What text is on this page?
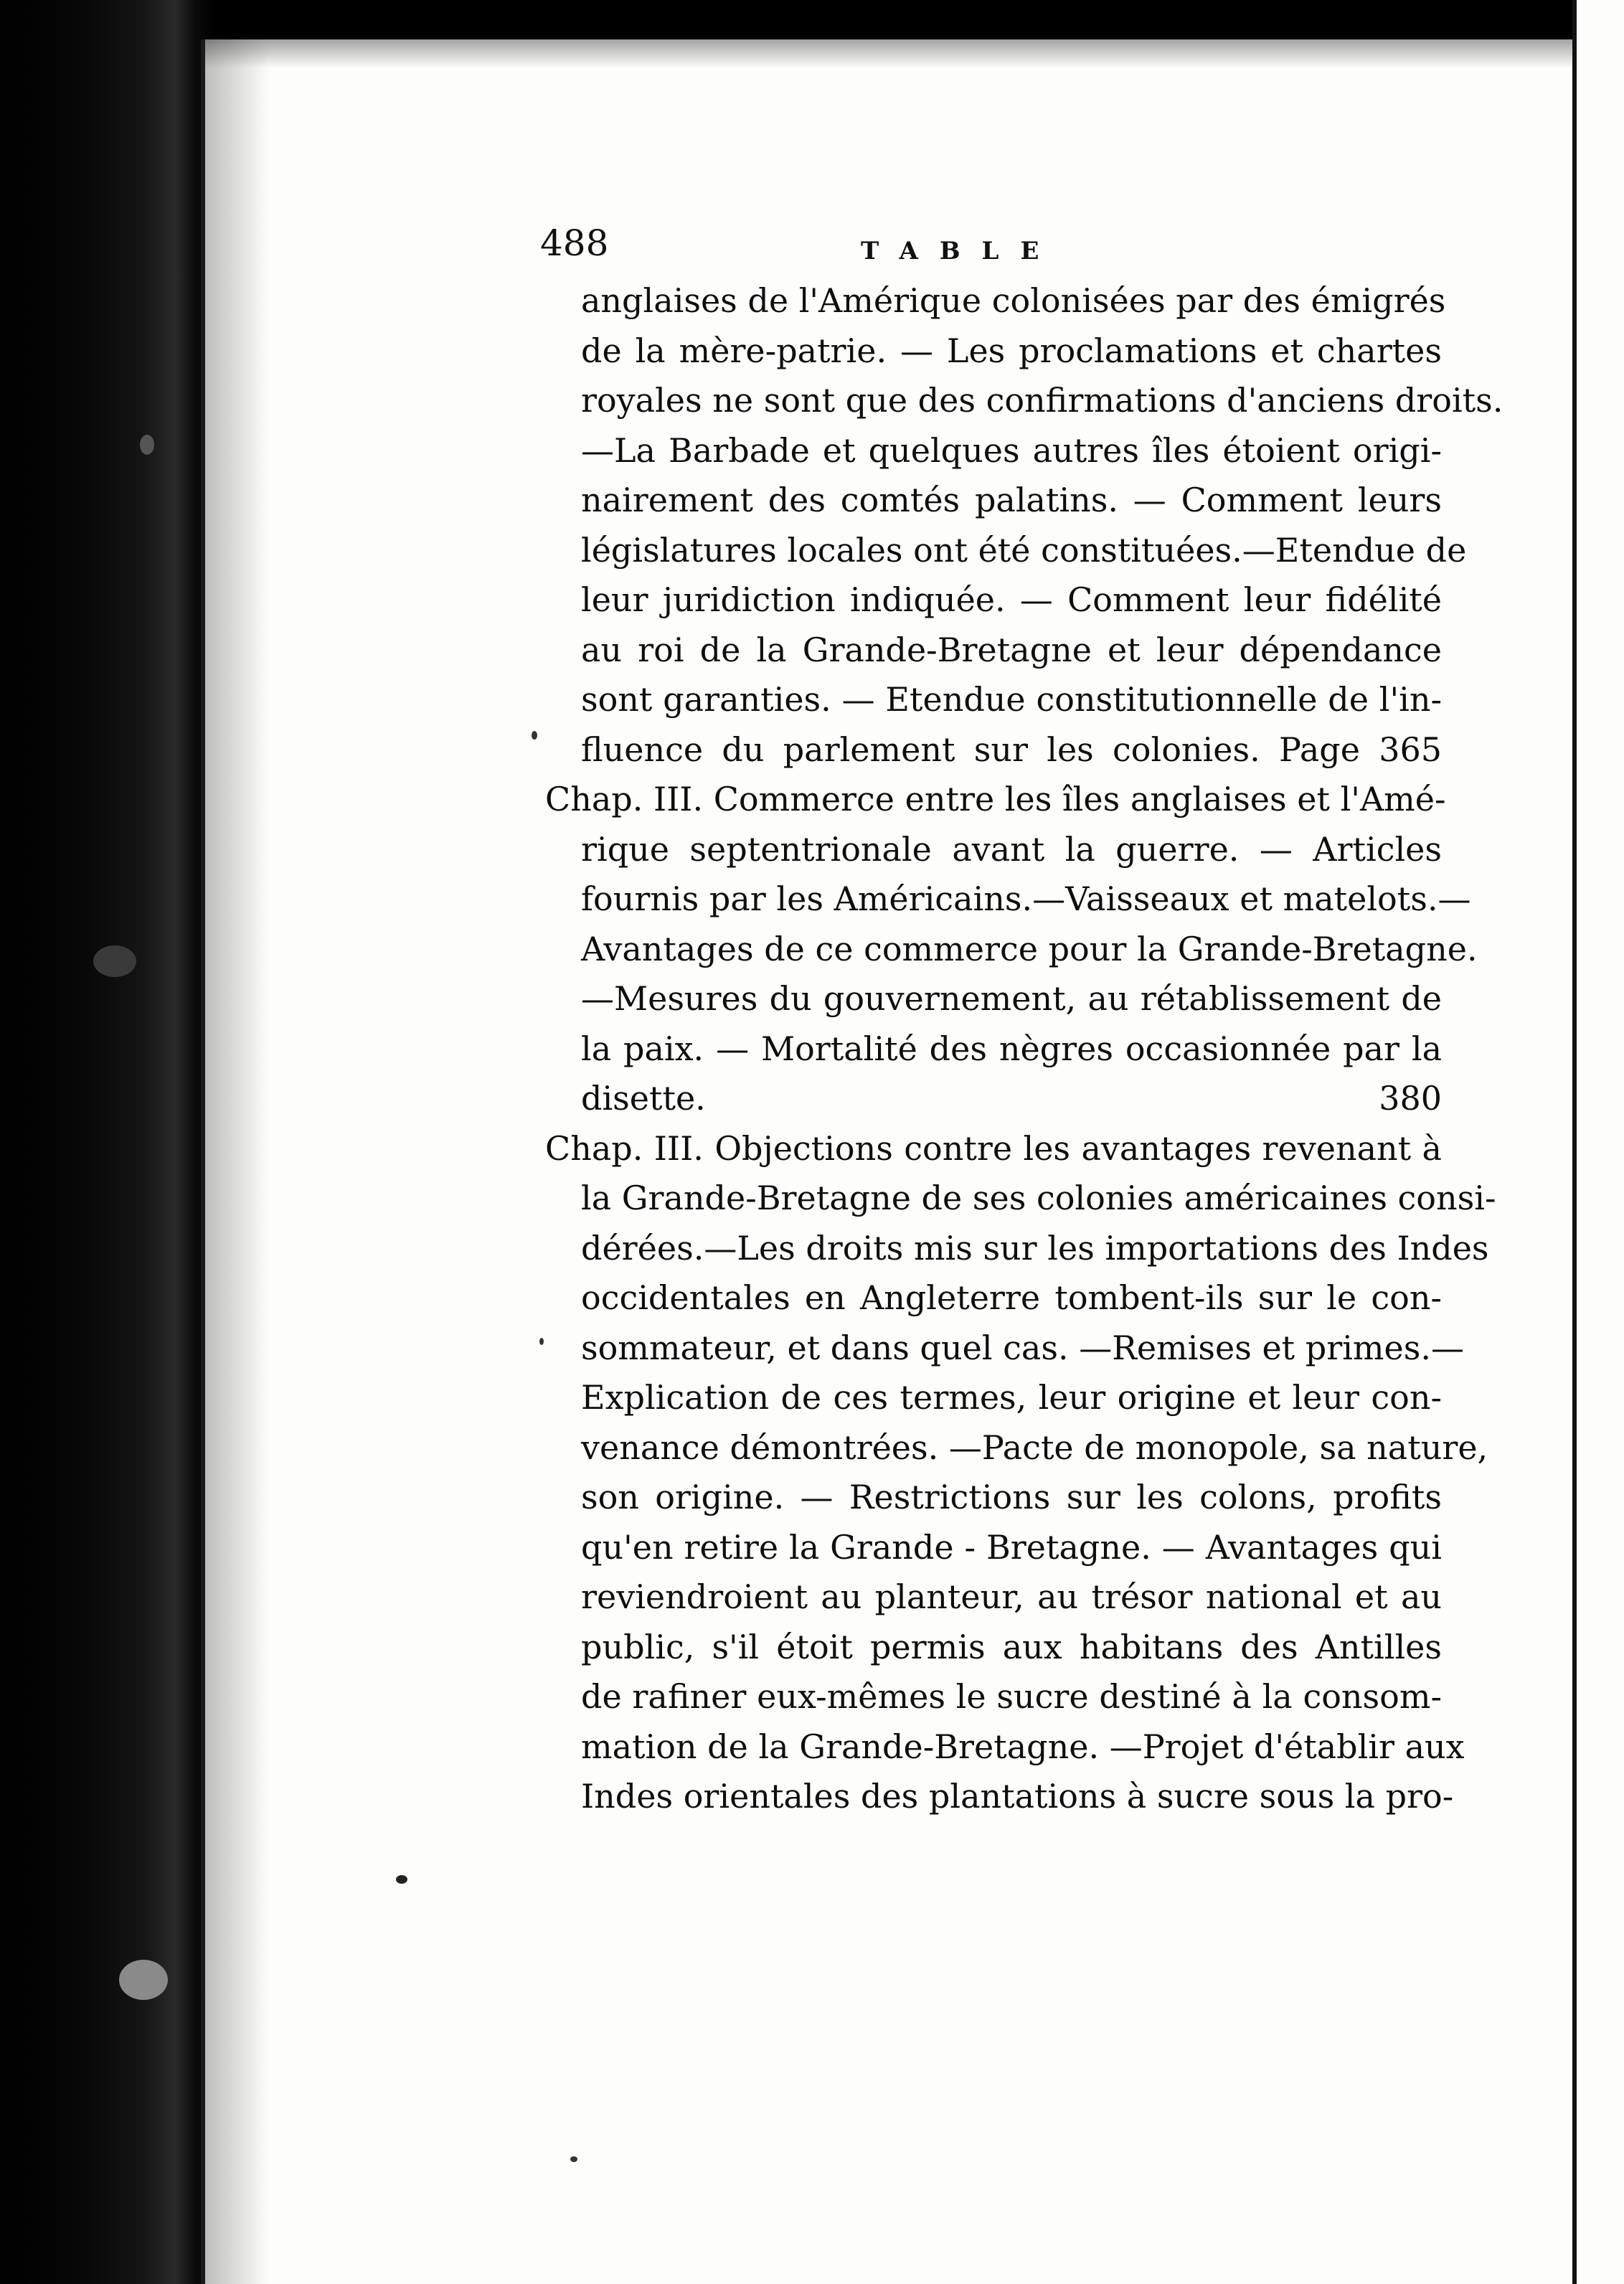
488	TABLE

anglaises de l'Amérique colonisées par des émigrés
de la mère-patrie. — Les proclamations et chartes
royales ne sont que des confirmations d'anciens droits.
—La Barbade et quelques autres îles étoient origi-
nairement des comtés palatins. — Comment leurs
législatures locales ont été constituées.—Etendue de
leur juridiction indiquée. — Comment leur fidélité
au roi de la Grande-Bretagne et leur dépendance
sont garanties. — Etendue constitutionnelle de l'in-
fluence du parlement sur les colonies. Page 365
Chap. III. Commerce entre les îles anglaises et l'Amé-
rique septentrionale avant la guerre. — Articles
fournis par les Américains.—Vaisseaux et matelots.—
Avantages de ce commerce pour la Grande-Bretagne.
—Mesures du gouvernement, au rétablissement de
la paix. — Mortalité des nègres occasionnée par la
disette. 380
Chap. III. Objections contre les avantages revenant à
la Grande-Bretagne de ses colonies américaines consi-
dérées.—Les droits mis sur les importations des Indes
occidentales en Angleterre tombent-ils sur le con-
sommateur, et dans quel cas. —Remises et primes.—
Explication de ces termes, leur origine et leur con-
venance démontrées. —Pacte de monopole, sa nature,
son origine. — Restrictions sur les colons, profits
qu'en retire la Grande - Bretagne. — Avantages qui
reviendroient au planteur, au trésor national et au
public, s'il étoit permis aux habitans des Antilles
de rafiner eux-mêmes le sucre destiné à la consom-
mation de la Grande-Bretagne. —Projet d'établir aux
Indes orientales des plantations à sucre sous la pro-
